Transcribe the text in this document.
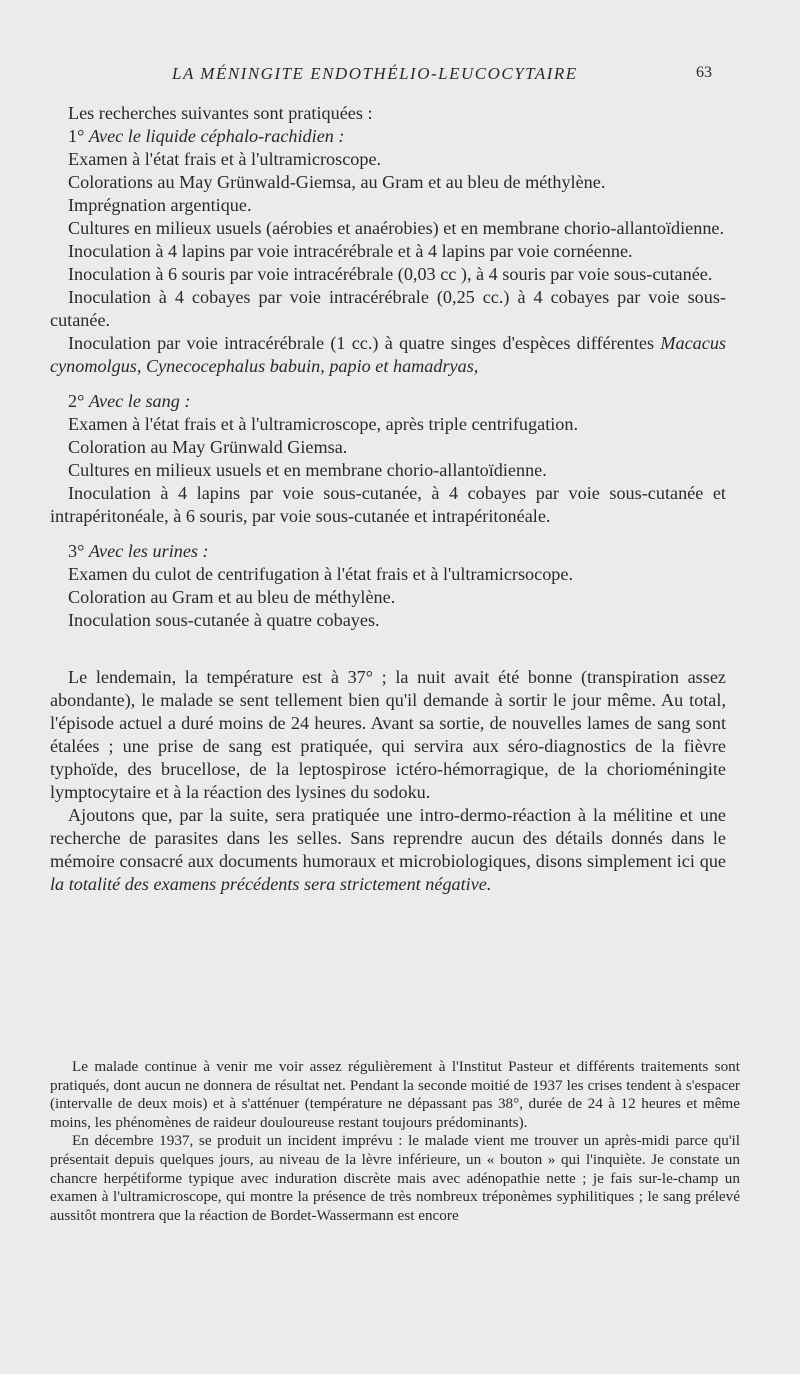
LA MÉNINGITE ENDOTHÉLIO-LEUCOCYTAIRE	63

Les recherches suivantes sont pratiquées :

1° Avec le liquide céphalo-rachidien :

Examen à l'état frais et à l'ultramicroscope.

Colorations au May Grünwald-Giemsa, au Gram et au bleu de méthylène.

Imprégnation argentique.

Cultures en milieux usuels (aérobies et anaérobies) et en membrane chorio-allantoïdienne.

Inoculation à 4 lapins par voie intracérébrale et à 4 lapins par voie cornéenne.

Inoculation à 6 souris par voie intracérébrale (0,03 cc ), à 4 souris par voie sous-cutanée.

Inoculation à 4 cobayes par voie intracérébrale (0,25 cc.) à 4 cobayes par voie sous-cutanée.

Inoculation par voie intracérébrale (1 cc.) à quatre singes d'espèces différentes Macacus cynomolgus, Cynecocephalus babuin, papio et hamadryas,

2° Avec le sang :

Examen à l'état frais et à l'ultramicroscope, après triple centrifugation.

Coloration au May Grünwald Giemsa.

Cultures en milieux usuels et en membrane chorio-allantoïdienne.

Inoculation à 4 lapins par voie sous-cutanée, à 4 cobayes par voie sous-cutanée et intrapéritonéale, à 6 souris, par voie sous-cutanée et intrapéritonéale.

3° Avec les urines :

Examen du culot de centrifugation à l'état frais et à l'ultramicrsocope.

Coloration au Gram et au bleu de méthylène.

Inoculation sous-cutanée à quatre cobayes.

Le lendemain, la température est à 37° ; la nuit avait été bonne (transpiration assez abondante), le malade se sent tellement bien qu'il demande à sortir le jour même. Au total, l'épisode actuel a duré moins de 24 heures. Avant sa sortie, de nouvelles lames de sang sont étalées ; une prise de sang est pratiquée, qui servira aux séro-diagnostics de la fièvre typhoïde, des brucellose, de la leptospirose ictéro-hémorragique, de la chorioméningite lymptocytaire et à la réaction des lysines du sodoku.

Ajoutons que, par la suite, sera pratiquée une intro-dermo-réaction à la mélitine et une recherche de parasites dans les selles. Sans reprendre aucun des détails donnés dans le mémoire consacré aux documents humoraux et microbiologiques, disons simplement ici que la totalité des examens précédents sera strictement négative.

Le malade continue à venir me voir assez régulièrement à l'Institut Pasteur et différents traitements sont pratiqués, dont aucun ne donnera de résultat net. Pendant la seconde moitié de 1937 les crises tendent à s'espacer (intervalle de deux mois) et à s'atténuer (température ne dépassant pas 38°, durée de 24 à 12 heures et même moins, les phénomènes de raideur douloureuse restant toujours prédominants).

En décembre 1937, se produit un incident imprévu : le malade vient me trouver un après-midi parce qu'il présentait depuis quelques jours, au niveau de la lèvre inférieure, un « bouton » qui l'inquiète. Je constate un chancre herpétiforme typique avec induration discrète mais avec adénopathie nette ; je fais sur-le-champ un examen à l'ultramicroscope, qui montre la présence de très nombreux tréponèmes syphilitiques ; le sang prélevé aussitôt montrera que la réaction de Bordet-Wassermann est encore
